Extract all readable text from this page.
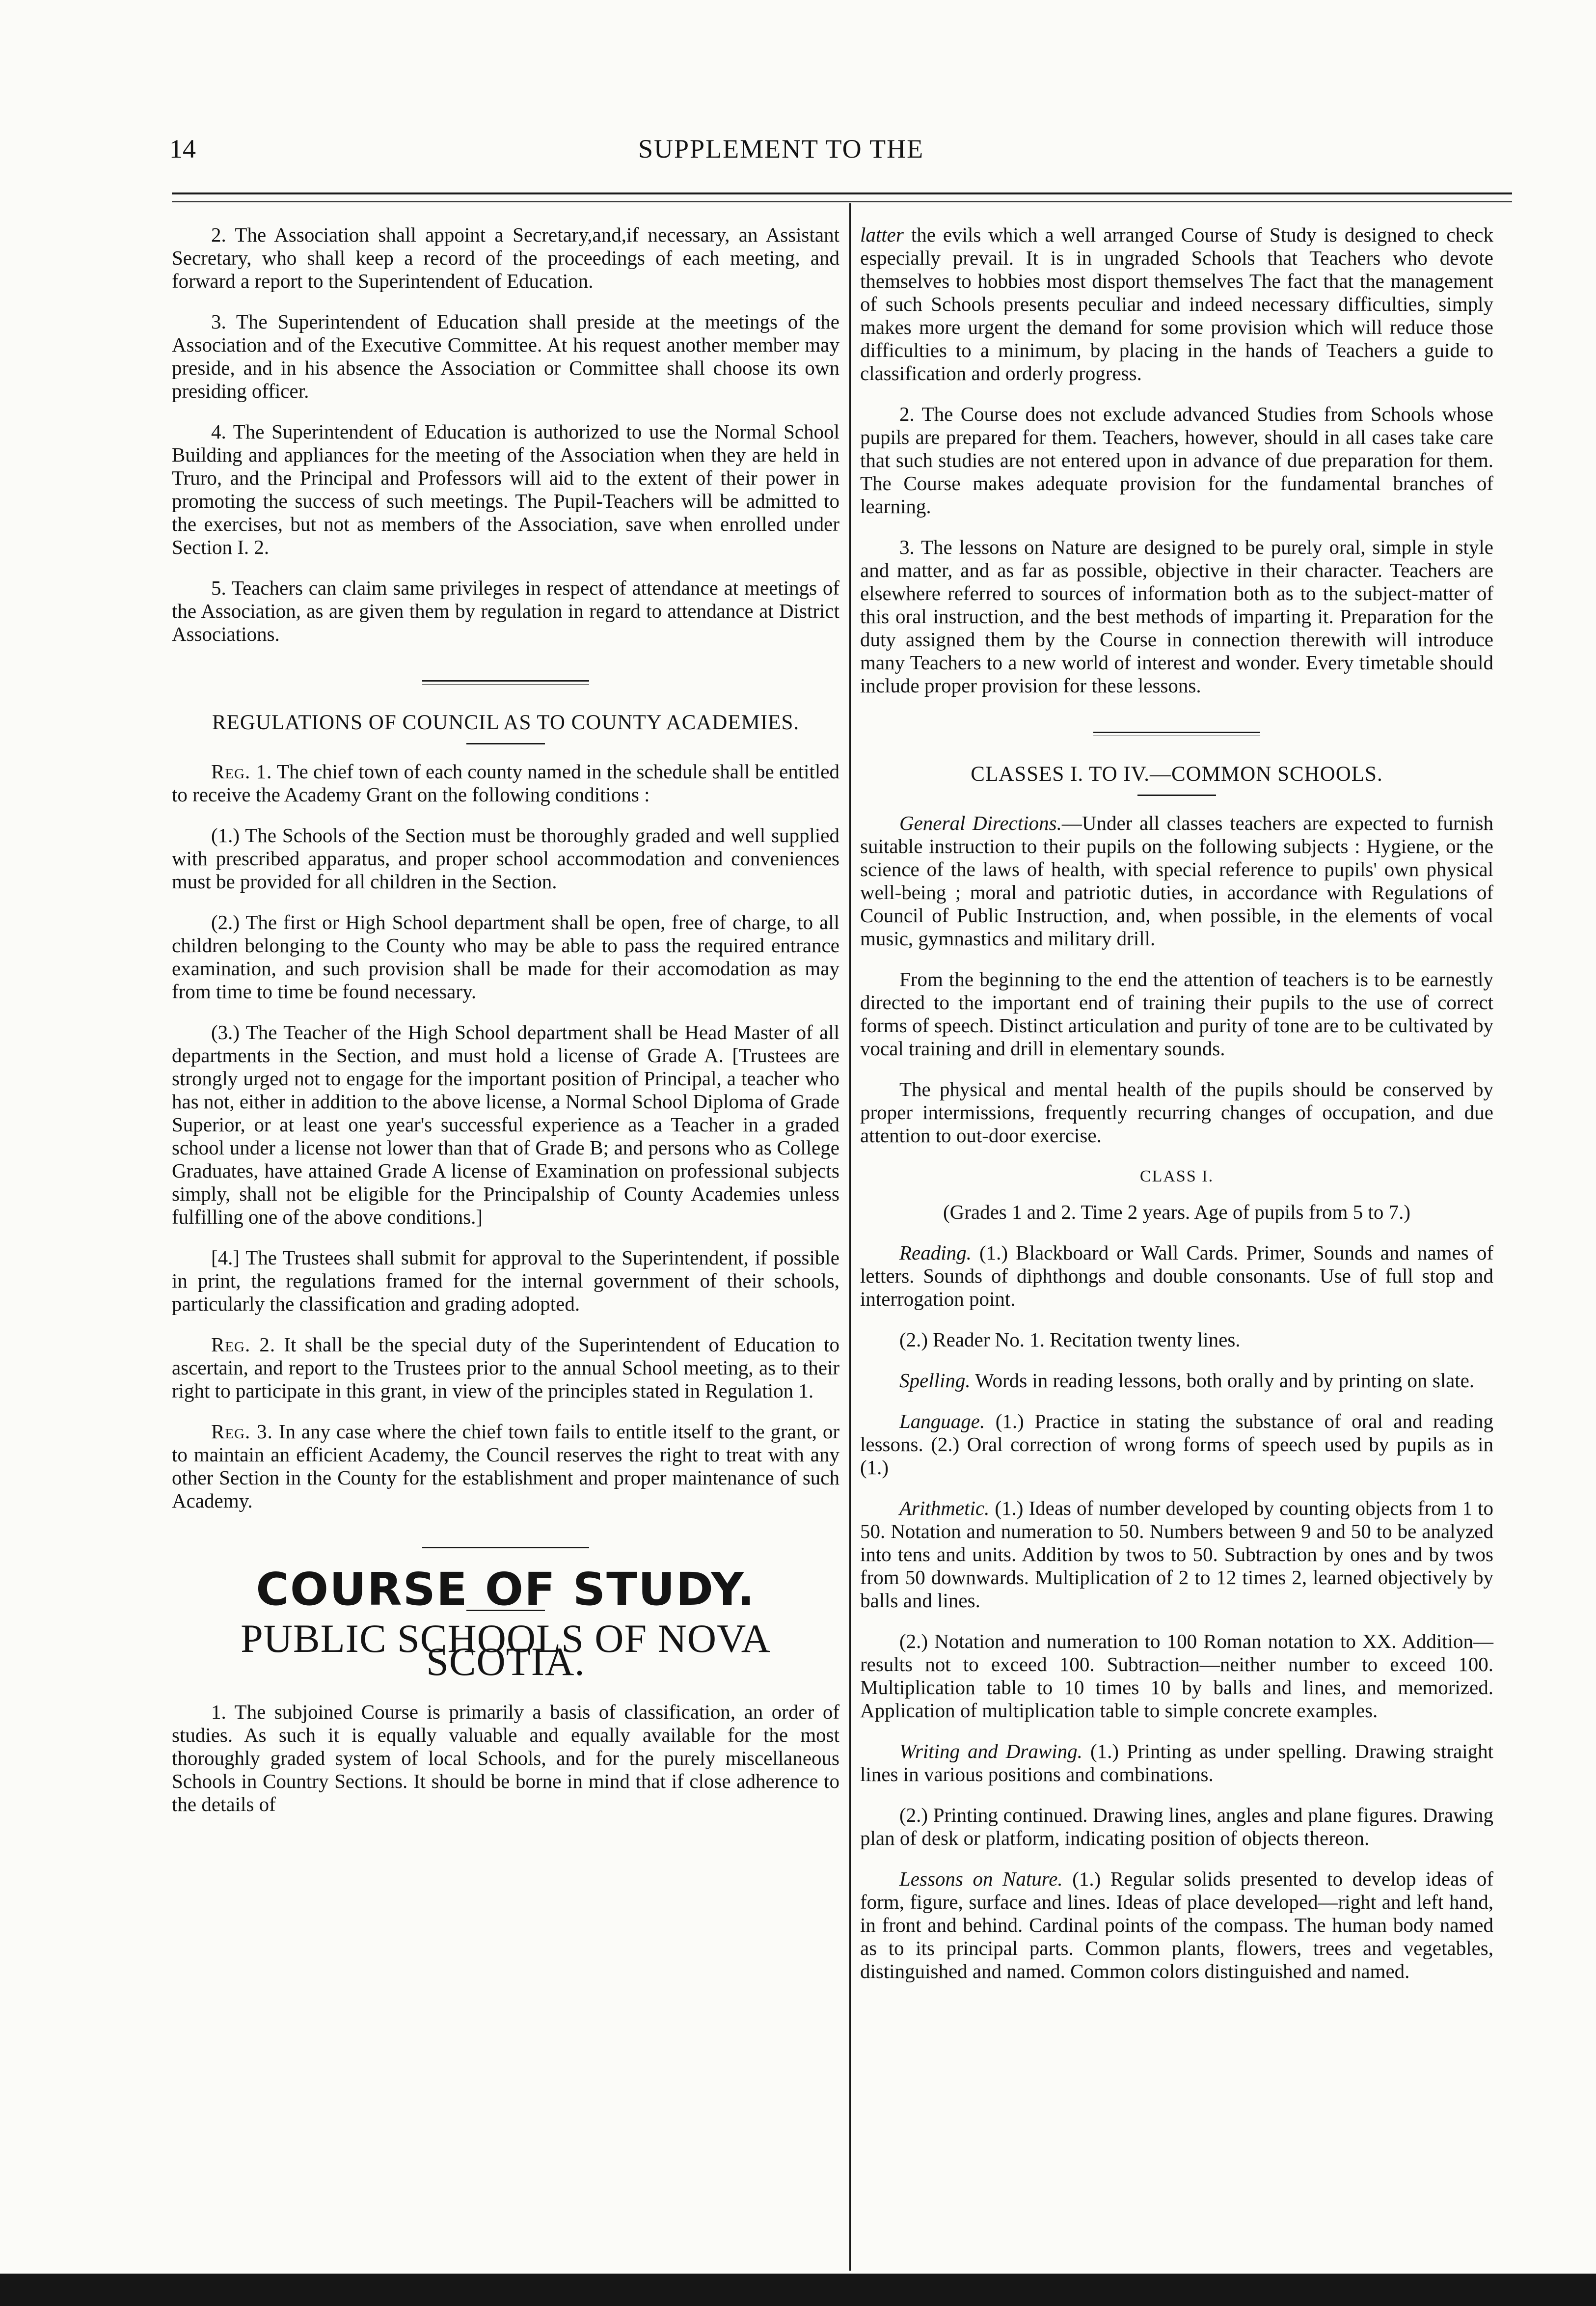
14	SUPPLEMENT TO THE

2. The Association shall appoint a Secretary,and,if necessary, an Assistant Secretary, who shall keep a record of the proceedings of each meeting, and forward a report to the Superintendent of Education.

3. The Superintendent of Education shall preside at the meetings of the Association and of the Executive Committee. At his request another member may preside, and in his absence the Association or Committee shall choose its own presiding officer.

4. The Superintendent of Education is authorized to use the Normal School Building and appliances for the meeting of the Association when they are held in Truro, and the Principal and Professors will aid to the extent of their power in promoting the success of such meetings. The Pupil-Teachers will be admitted to the exercises, but not as members of the Association, save when enrolled under Section I. 2.

5. Teachers can claim same privileges in respect of attendance at meetings of the Association, as are given them by regulation in regard to attendance at District Associations.

REGULATIONS OF COUNCIL AS TO COUNTY ACADEMIES.

Reg. 1. The chief town of each county named in the schedule shall be entitled to receive the Academy Grant on the following conditions :

(1.) The Schools of the Section must be thoroughly graded and well supplied with prescribed apparatus, and proper school accommodation and conveniences must be provided for all children in the Section.

(2.) The first or High School department shall be open, free of charge, to all children belonging to the County who may be able to pass the required entrance examination, and such provision shall be made for their accomodation as may from time to time be found necessary.

(3.) The Teacher of the High School department shall be Head Master of all departments in the Section, and must hold a license of Grade A. [Trustees are strongly urged not to engage for the important position of Principal, a teacher who has not, either in addition to the above license, a Normal School Diploma of Grade Superior, or at least one year's successful experience as a Teacher in a graded school under a license not lower than that of Grade B; and persons who as College Graduates, have attained Grade A license of Examination on professional subjects simply, shall not be eligible for the Principalship of County Academies unless fulfilling one of the above conditions.]

[4.] The Trustees shall submit for approval to the Superintendent, if possible in print, the regulations framed for the internal government of their schools, particularly the classification and grading adopted.

Reg. 2. It shall be the special duty of the Superintendent of Education to ascertain, and report to the Trustees prior to the annual School meeting, as to their right to participate in this grant, in view of the principles stated in Regulation 1.

Reg. 3. In any case where the chief town fails to entitle itself to the grant, or to maintain an efficient Academy, the Council reserves the right to treat with any other Section in the County for the establishment and proper maintenance of such Academy.

COURSE OF STUDY.
PUBLIC SCHOOLS OF NOVA SCOTIA.

1. The subjoined Course is primarily a basis of classification, an order of studies. As such it is equally valuable and equally available for the most thoroughly graded system of local Schools, and for the purely miscellaneous Schools in Country Sections. It should be borne in mind that if close adherence to the details of

latter the evils which a well arranged Course of Study is designed to check especially prevail. It is in ungraded Schools that Teachers who devote themselves to hobbies most disport themselves The fact that the management of such Schools presents peculiar and indeed necessary difficulties, simply makes more urgent the demand for some provision which will reduce those difficulties to a minimum, by placing in the hands of Teachers a guide to classification and orderly progress.

2. The Course does not exclude advanced Studies from Schools whose pupils are prepared for them. Teachers, however, should in all cases take care that such studies are not entered upon in advance of due preparation for them. The Course makes adequate provision for the fundamental branches of learning.

3. The lessons on Nature are designed to be purely oral, simple in style and matter, and as far as possible, objective in their character. Teachers are elsewhere referred to sources of information both as to the subject-matter of this oral instruction, and the best methods of imparting it. Preparation for the duty assigned them by the Course in connection therewith will introduce many Teachers to a new world of interest and wonder. Every timetable should include proper provision for these lessons.

CLASSES I. TO IV.—COMMON SCHOOLS.

General Directions.—Under all classes teachers are expected to furnish suitable instruction to their pupils on the following subjects : Hygiene, or the science of the laws of health, with special reference to pupils' own physical well-being ; moral and patriotic duties, in accordance with Regulations of Council of Public Instruction, and, when possible, in the elements of vocal music, gymnastics and military drill.

From the beginning to the end the attention of teachers is to be earnestly directed to the important end of training their pupils to the use of correct forms of speech. Distinct articulation and purity of tone are to be cultivated by vocal training and drill in elementary sounds.

The physical and mental health of the pupils should be conserved by proper intermissions, frequently recurring changes of occupation, and due attention to out-door exercise.

CLASS I.

(Grades 1 and 2. Time 2 years. Age of pupils from 5 to 7.)

Reading. (1.) Blackboard or Wall Cards. Primer, Sounds and names of letters. Sounds of diphthongs and double consonants. Use of full stop and interrogation point.

(2.) Reader No. 1. Recitation twenty lines.

Spelling. Words in reading lessons, both orally and by printing on slate.

Language. (1.) Practice in stating the substance of oral and reading lessons. (2.) Oral correction of wrong forms of speech used by pupils as in (1.)

Arithmetic. (1.) Ideas of number developed by counting objects from 1 to 50. Notation and numeration to 50. Numbers between 9 and 50 to be analyzed into tens and units. Addition by twos to 50. Subtraction by ones and by twos from 50 downwards. Multiplication of 2 to 12 times 2, learned objectively by balls and lines.

(2.) Notation and numeration to 100 Roman notation to XX. Addition—results not to exceed 100. Subtraction—neither number to exceed 100. Multiplication table to 10 times 10 by balls and lines, and memorized. Application of multiplication table to simple concrete examples.

Writing and Drawing. (1.) Printing as under spelling. Drawing straight lines in various positions and combinations.

(2.) Printing continued. Drawing lines, angles and plane figures. Drawing plan of desk or platform, indicating position of objects thereon.

Lessons on Nature. (1.) Regular solids presented to develop ideas of form, figure, surface and lines. Ideas of place developed—right and left hand, in front and behind. Cardinal points of the compass. The human body named as to its principal parts. Common plants, flowers, trees and vegetables, distinguished and named. Common colors distinguished and named.
